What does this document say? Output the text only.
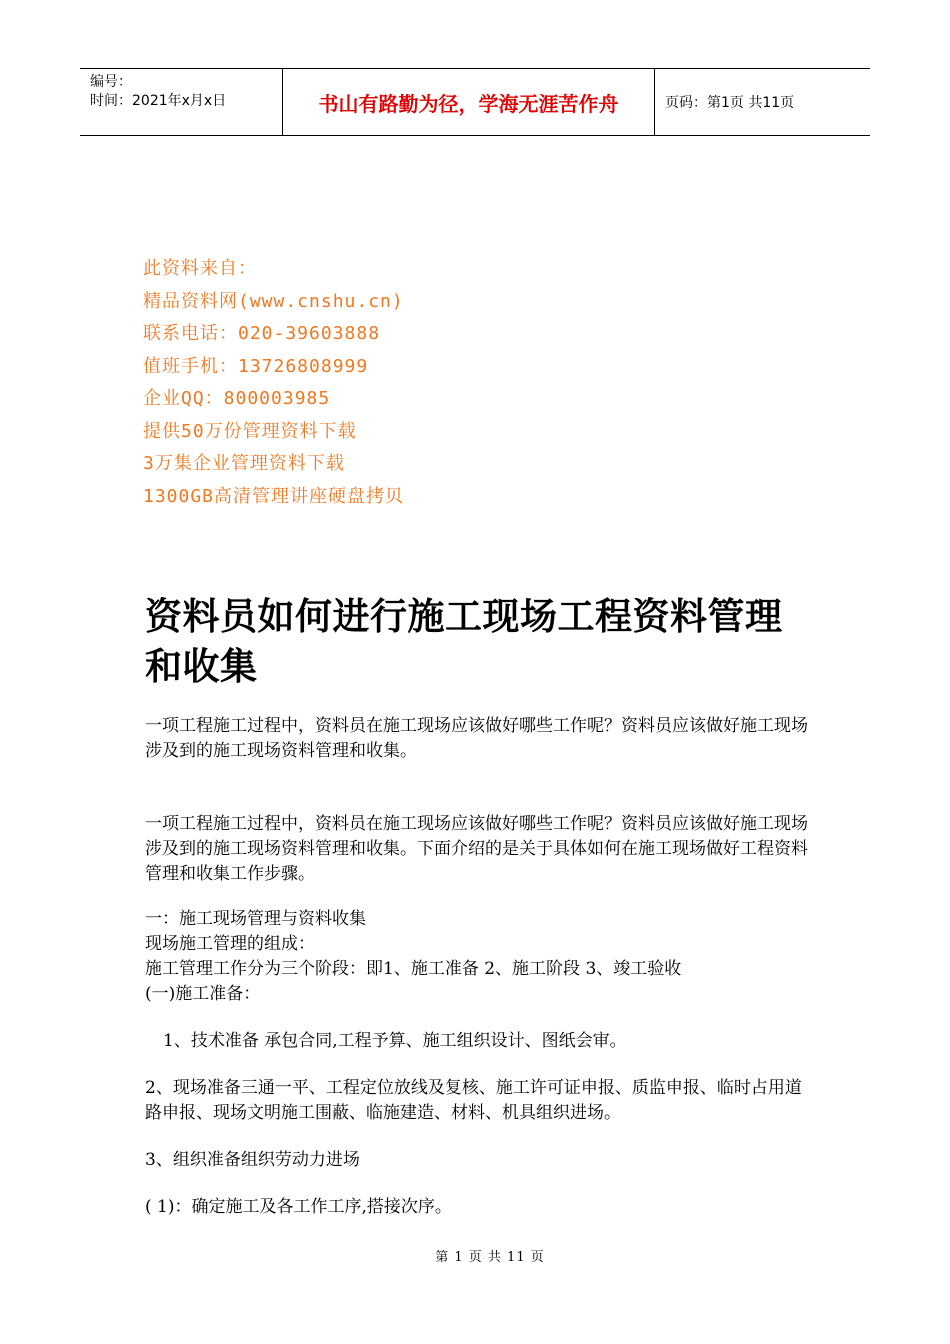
编号：
时间：2021年x月x日	书山有路勤为径，学海无涯苦作舟	页码：第1页 共11页
此资料来自：
精品资料网(www.cnshu.cn)
联系电话：020-39603888
值班手机：13726808999
企业QQ：800003985
提供50万份管理资料下载
3万集企业管理资料下载
1300GB高清管理讲座硬盘拷贝
资料员如何进行施工现场工程资料管理和收集

一项工程施工过程中，资料员在施工现场应该做好哪些工作呢？资料员应该做好施工现场涉及到的施工现场资料管理和收集。

一项工程施工过程中，资料员在施工现场应该做好哪些工作呢？资料员应该做好施工现场涉及到的施工现场资料管理和收集。下面介绍的是关于具体如何在施工现场做好工程资料管理和收集工作步骤。

一：施工现场管理与资料收集

现场施工管理的组成：

施工管理工作分为三个阶段：即1、施工准备 2、施工阶段 3、竣工验收

(一)施工准备：

1、技术准备 承包合同,工程予算、施工组织设计、图纸会审。

2、现场准备三通一平、工程定位放线及复核、施工许可证申报、质监申报、临时占用道路申报、现场文明施工围蔽、临施建造、材料、机具组织进场。

3、组织准备组织劳动力进场

( 1)：确定施工及各工作工序,搭接次序。

第 1 页 共 11 页
